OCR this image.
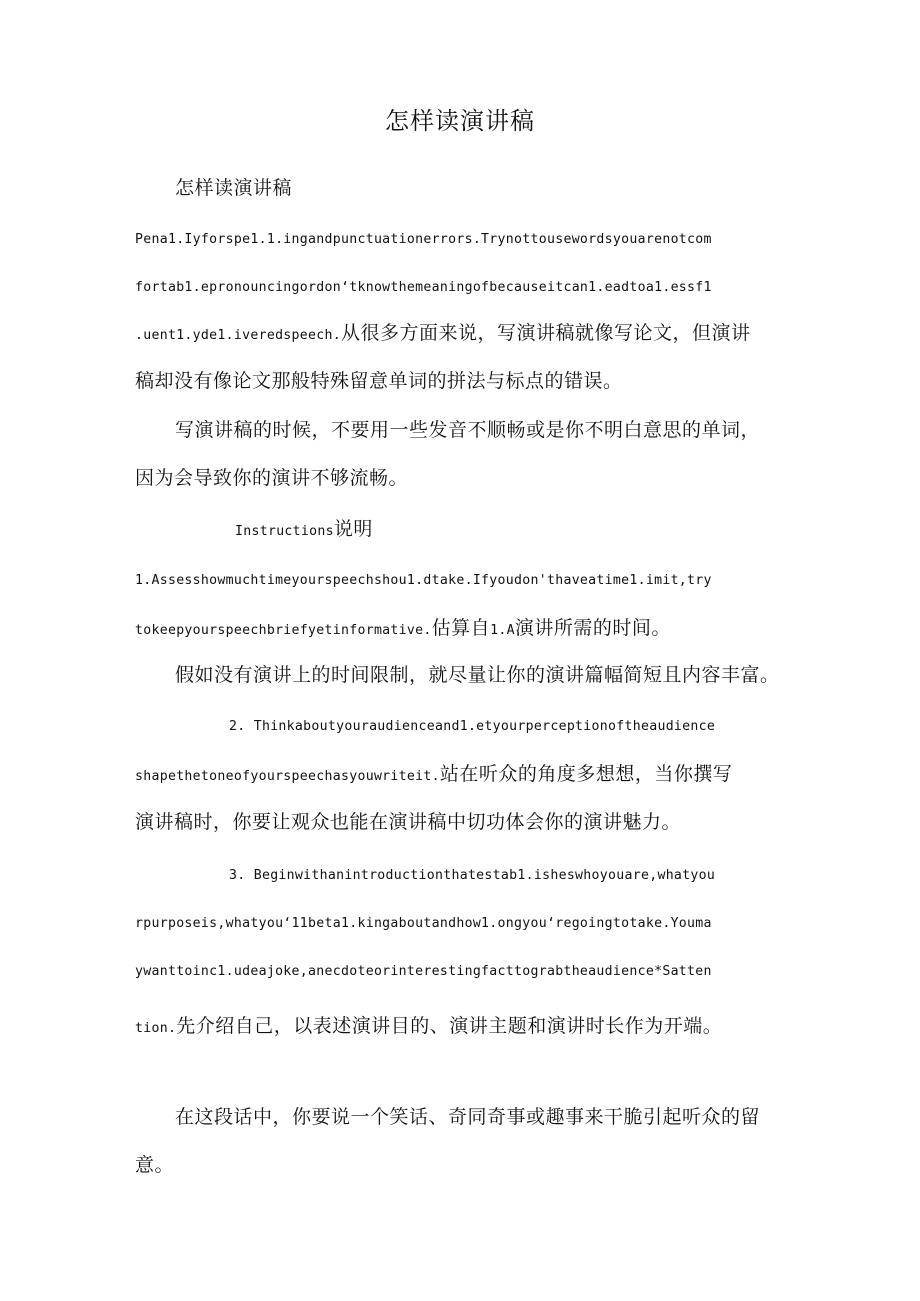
怎样读演讲稿
怎样读演讲稿
Pena1.Iyforspe1.1.ingandpunctuationerrors.Trynottousewordsyouarenotcom
fortab1.epronouncingordon‘tknowthemeaningofbecauseitcan1.eadtoa1.essf1
.uent1.yde1.iveredspeech.从很多方面来说，写演讲稿就像写论文，但演讲
稿却没有像论文那般特殊留意单词的拼法与标点的错误。
写演讲稿的时候，不要用一些发音不顺畅或是你不明白意思的单词，
因为会导致你的演讲不够流畅。
Instructions说明
1.Assesshowmuchtimeyourspeechshou1.dtake.Ifyoudon'thaveatime1.imit,try
tokeepyourspeechbriefyetinformative.估算自1.A演讲所需的时间。
假如没有演讲上的时间限制，就尽量让你的演讲篇幅简短且内容丰富。
2. Thinkaboutyouraudienceand1.etyourperceptionoftheaudience
shapethetoneofyourspeechasyouwriteit.站在听众的角度多想想，当你撰写
演讲稿时，你要让观众也能在演讲稿中切功体会你的演讲魅力。
3. Beginwithanintroductionthatestab1.isheswhoyouare,whatyou
rpurposeis,whatyou‘11beta1.kingaboutandhow1.ongyou‘regoingtotake.Youma
ywanttoinc1.udeajoke,anecdoteorinterestingfacttograbtheaudience*Satten
tion.先介绍自己，以表述演讲目的、演讲主题和演讲时长作为开端。
在这段话中，你要说一个笑话、奇同奇事或趣事来干脆引起听众的留
意。
